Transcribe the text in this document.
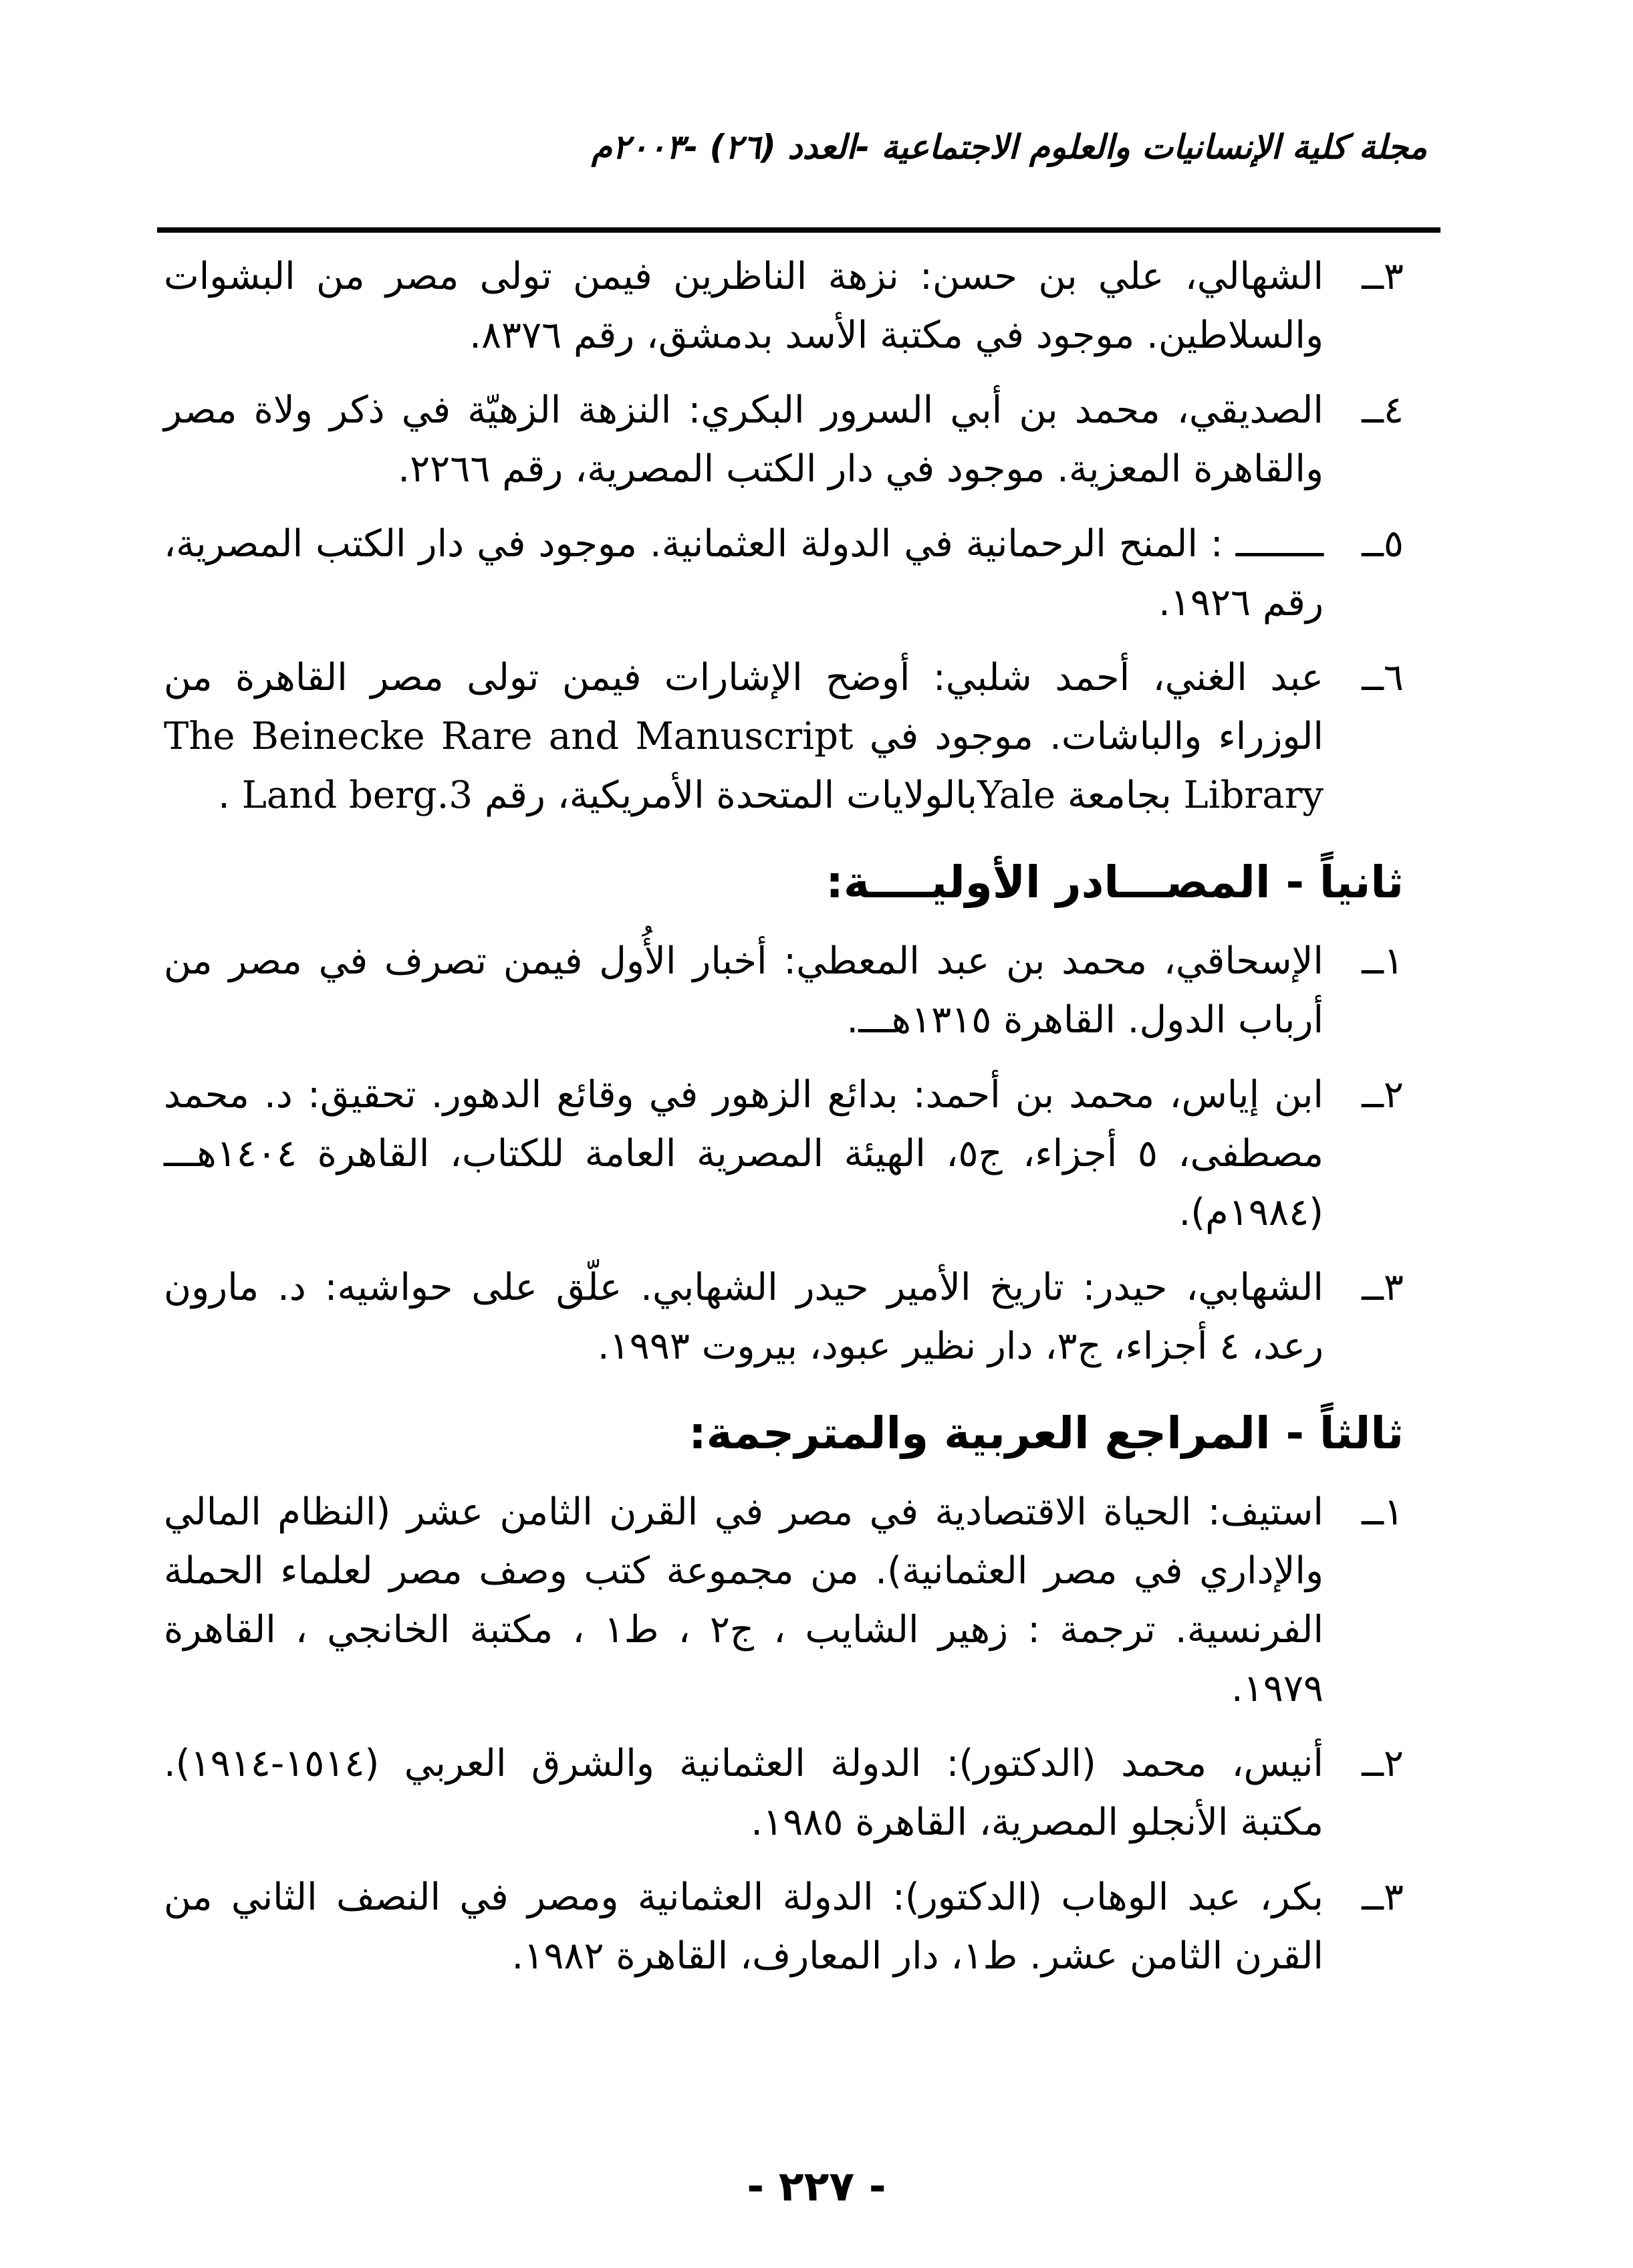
مجلة كلية الإنسانيات والعلوم الاجتماعية -العدد (٢٦) -٢٠٠٣م
٣ــ
الشهالي، علي بن حسن: نزهة الناظرين فيمن تولى مصر من البشوات والسلاطين. موجود في مكتبة الأسد بدمشق، رقم ٨٣٧٦.
٤ــ
الصديقي، محمد بن أبي السرور البكري: النزهة الزهيّة في ذكر ولاة مصر والقاهرة المعزية. موجود في دار الكتب المصرية، رقم ٢٢٦٦.
٥ــ
ــــــــ : المنح الرحمانية في الدولة العثمانية. موجود في دار الكتب المصرية، رقم ١٩٢٦.
٦ــ
عبد الغني، أحمد شلبي: أوضح الإشارات فيمن تولى مصر القاهرة من الوزراء والباشات. موجود في The Beinecke Rare and Manuscript Library بجامعة Yaleبالولايات المتحدة الأمريكية، رقم Land berg.3 .
ثانياً - المصـــادر الأوليــــة:
١ــ
الإسحاقي، محمد بن عبد المعطي: أخبار الأُول فيمن تصرف في مصر من أرباب الدول. القاهرة ١٣١٥هـــ.
٢ــ
ابن إياس، محمد بن أحمد: بدائع الزهور في وقائع الدهور. تحقيق: د. محمد مصطفى، ٥ أجزاء، ج٥، الهيئة المصرية العامة للكتاب، القاهرة ١٤٠٤هـــ (١٩٨٤م).
٣ــ
الشهابي، حيدر: تاريخ الأمير حيدر الشهابي. علّق على حواشيه: د. مارون رعد، ٤ أجزاء، ج٣، دار نظير عبود، بيروت ١٩٩٣.
ثالثاً - المراجع العربية والمترجمة:
١ــ
استيف: الحياة الاقتصادية في مصر في القرن الثامن عشر (النظام المالي والإداري في مصر العثمانية). من مجموعة كتب وصف مصر لعلماء الحملة الفرنسية. ترجمة : زهير الشايب ، ج٢ ، ط١ ، مكتبة الخانجي ، القاهرة ١٩٧٩.
٢ــ
أنيس، محمد (الدكتور): الدولة العثمانية والشرق العربي (١٥١٤-١٩١٤). مكتبة الأنجلو المصرية، القاهرة ١٩٨٥.
٣ــ
بكر، عبد الوهاب (الدكتور): الدولة العثمانية ومصر في النصف الثاني من القرن الثامن عشر. ط١، دار المعارف، القاهرة ١٩٨٢.
- ٢٢٧ -
